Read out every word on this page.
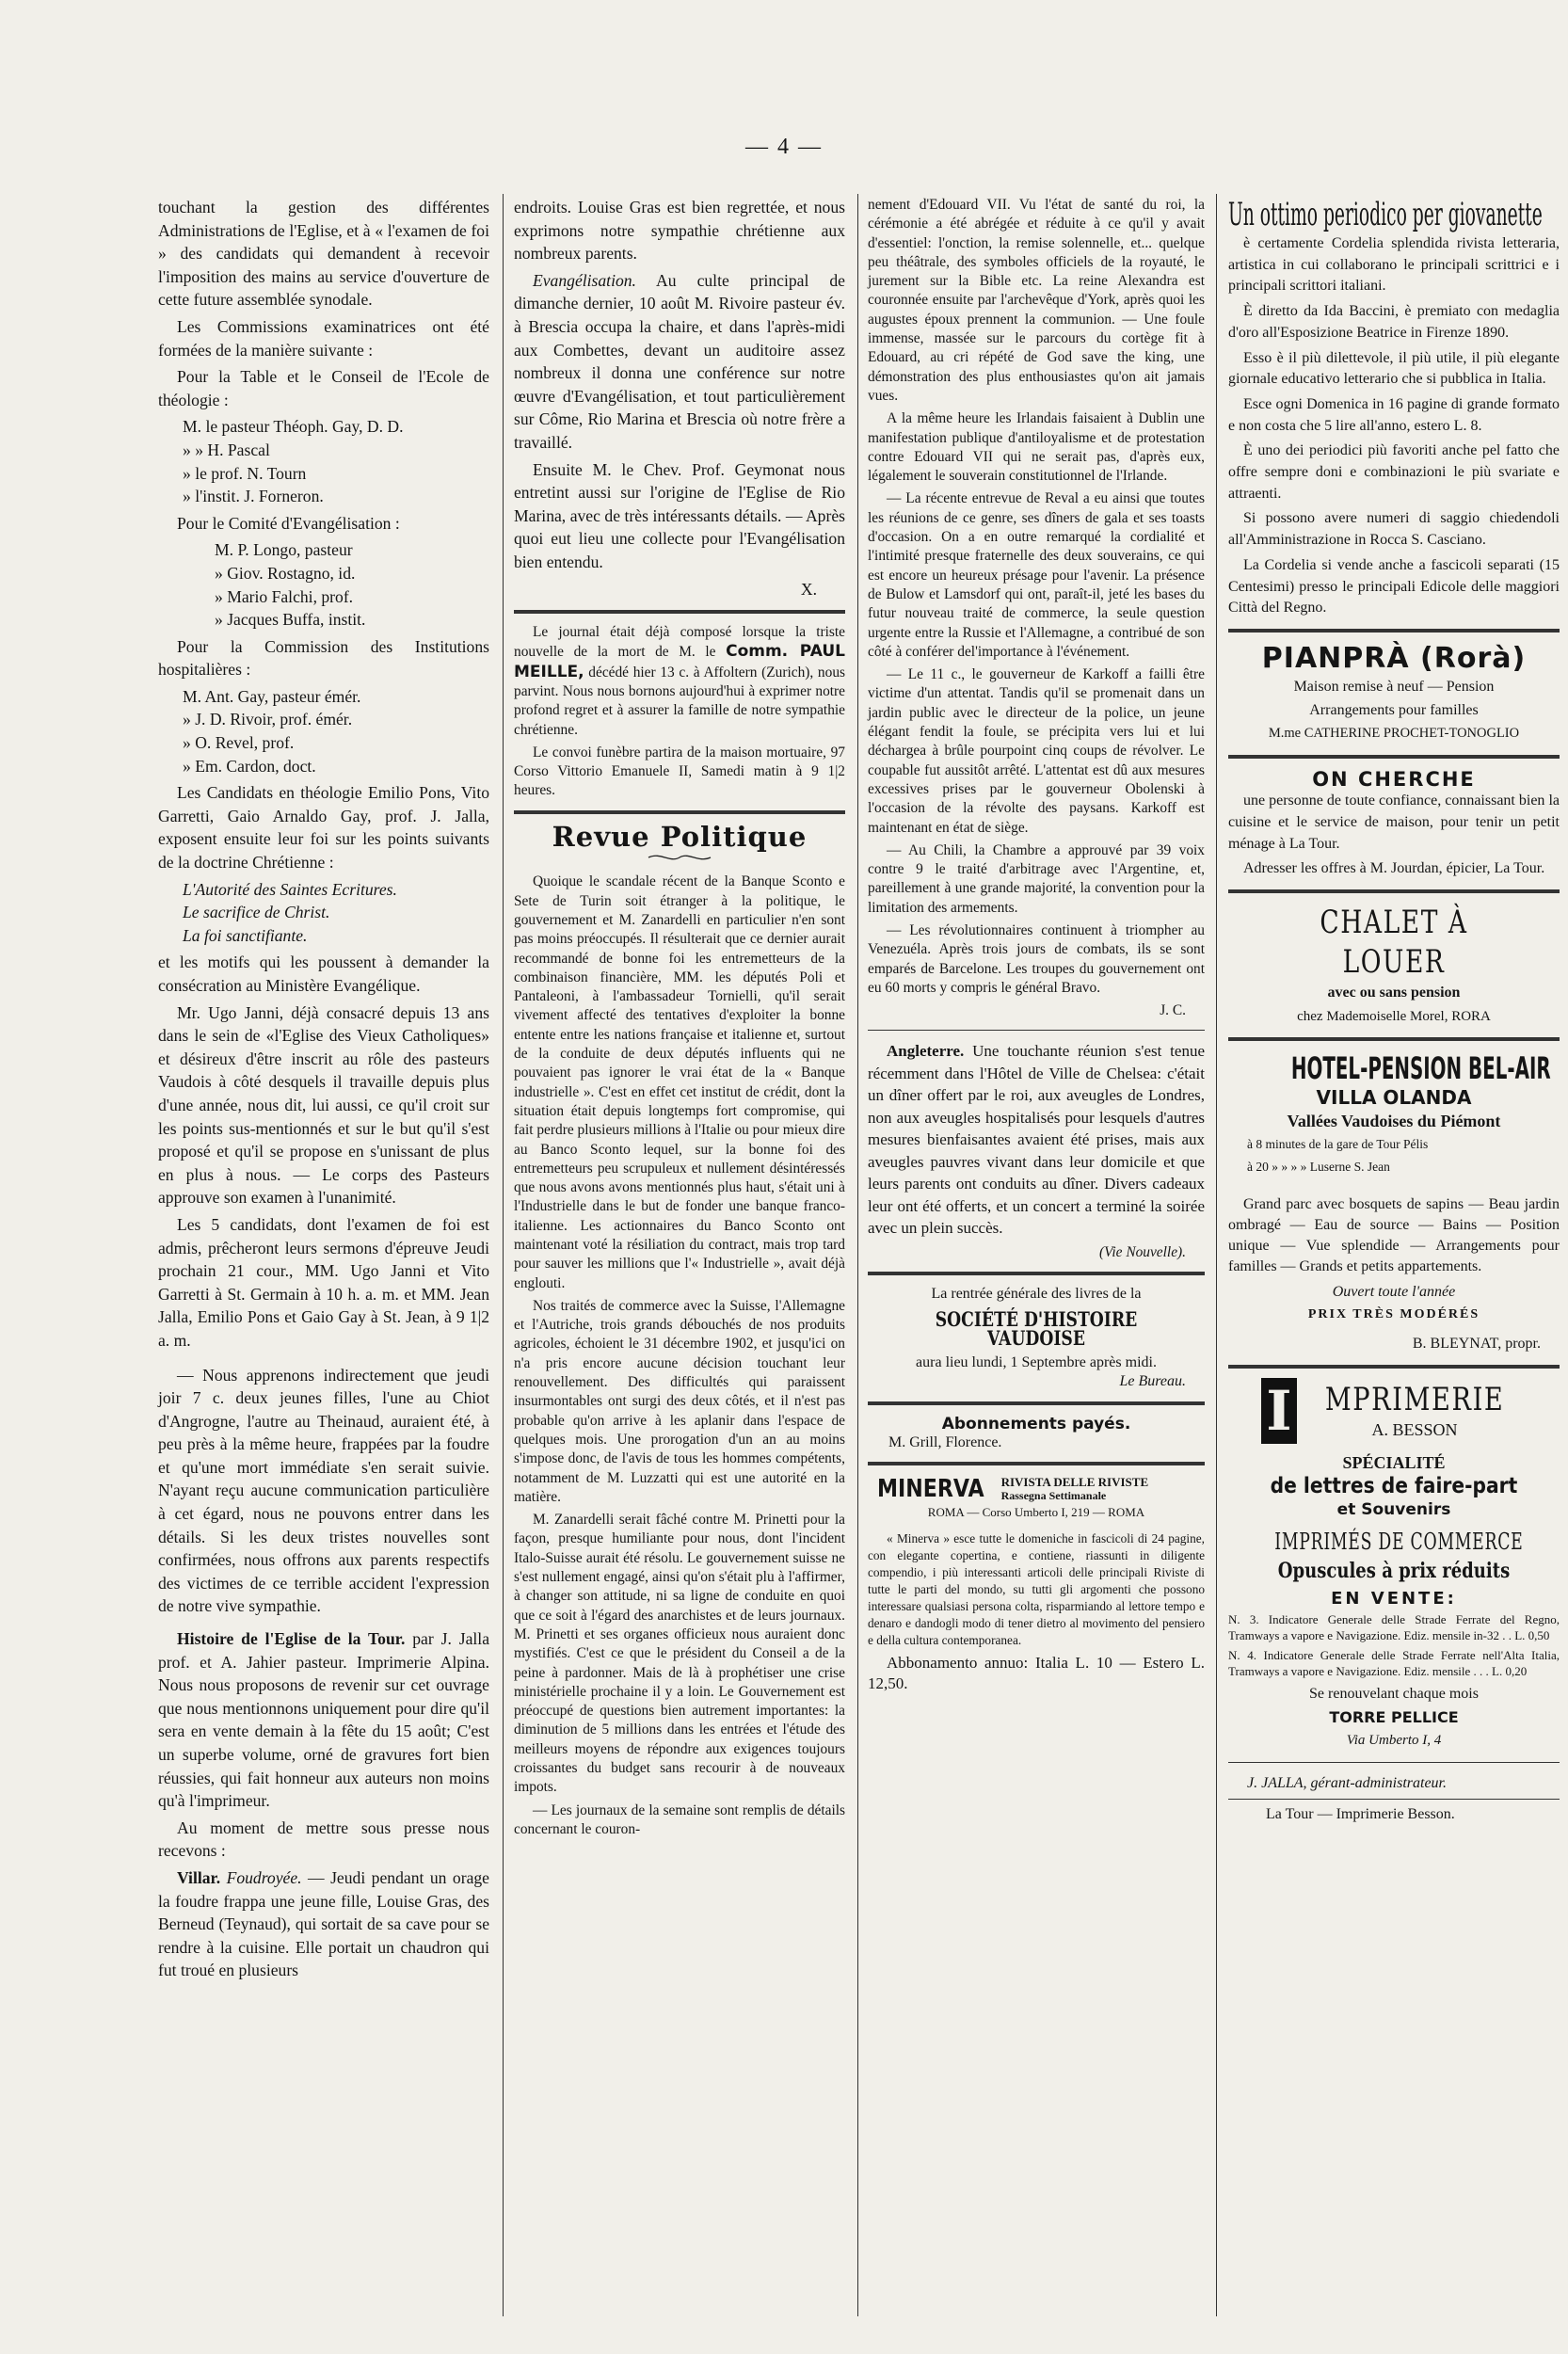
— 4 —

touchant la gestion des différentes Administrations de l'Eglise, et à « l'examen de foi » des candidats qui demandent à recevoir l'imposition des mains au service d'ouverture de cette future assemblée synodale.

Les Commissions examinatrices ont été formées de la manière suivante :

Pour la Table et le Conseil de l'Ecole de théologie :

M. le pasteur Théoph. Gay, D. D.
» » H. Pascal
» le prof. N. Tourn
» l'instit. J. Forneron.

Pour le Comité d'Evangélisation :

M. P. Longo, pasteur
» Giov. Rostagno, id.
» Mario Falchi, prof.
» Jacques Buffa, instit.

Pour la Commission des Institutions hospitalières :

M. Ant. Gay, pasteur émér.
» J. D. Rivoir, prof. émér.
» O. Revel, prof.
» Em. Cardon, doct.

Les Candidats en théologie Emilio Pons, Vito Garretti, Gaio Arnaldo Gay, prof. J. Jalla, exposent ensuite leur foi sur les points suivants de la doctrine Chrétienne :

L'Autorité des Saintes Ecritures.
Le sacrifice de Christ.
La foi sanctifiante.

et les motifs qui les poussent à demander la consécration au Ministère Evangélique.

Mr. Ugo Janni, déjà consacré depuis 13 ans dans le sein de «l'Eglise des Vieux Catholiques» et désireux d'être inscrit au rôle des pasteurs Vaudois à côté desquels il travaille depuis plus d'une année, nous dit, lui aussi, ce qu'il croit sur les points sus-mentionnés et sur le but qu'il s'est proposé et qu'il se propose en s'unissant de plus en plus à nous. — Le corps des Pasteurs approuve son examen à l'unanimité.

Les 5 candidats, dont l'examen de foi est admis, prêcheront leurs sermons d'épreuve Jeudi prochain 21 cour., MM. Ugo Janni et Vito Garretti à St. Germain à 10 h. a. m. et MM. Jean Jalla, Emilio Pons et Gaio Gay à St. Jean, à 9 1|2 a. m.

— Nous apprenons indirectement que jeudi joir 7 c. deux jeunes filles, l'une au Chiot d'Angrogne, l'autre au Theinaud, auraient été, à peu près à la même heure, frappées par la foudre et qu'une mort immédiate s'en serait suivie. N'ayant reçu aucune communication particulière à cet égard, nous ne pouvons entrer dans les détails. Si les deux tristes nouvelles sont confirmées, nous offrons aux parents respectifs des victimes de ce terrible accident l'expression de notre vive sympathie.

Histoire de l'Eglise de la Tour. par J. Jalla prof. et A. Jahier pasteur. Imprimerie Alpina. Nous nous proposons de revenir sur cet ouvrage que nous mentionnons uniquement pour dire qu'il sera en vente demain à la fête du 15 août; C'est un superbe volume, orné de gravures fort bien réussies, qui fait honneur aux auteurs non moins qu'à l'imprimeur.

Au moment de mettre sous presse nous recevons :

Villar. Foudroyée. — Jeudi pendant un orage la foudre frappa une jeune fille, Louise Gras, des Berneud (Teynaud), qui sortait de sa cave pour se rendre à la cuisine. Elle portait un chaudron qui fut troué en plusieurs

endroits. Louise Gras est bien regrettée, et nous exprimons notre sympathie chrétienne aux nombreux parents.

Evangélisation. Au culte principal de dimanche dernier, 10 août M. Rivoire pasteur év. à Brescia occupa la chaire, et dans l'après-midi aux Combettes, devant un auditoire assez nombreux il donna une conférence sur notre œuvre d'Evangélisation, et tout particulièrement sur Côme, Rio Marina et Brescia où notre frère a travaillé.

Ensuite M. le Chev. Prof. Geymonat nous entretint aussi sur l'origine de l'Eglise de Rio Marina, avec de très intéressants détails. — Après quoi eut lieu une collecte pour l'Evangélisation bien entendu.

X.

Le journal était déjà composé lorsque la triste nouvelle de la mort de M. le Comm. PAUL MEILLE, décédé hier 13 c. à Affoltern (Zurich), nous parvint. Nous nous bornons aujourd'hui à exprimer notre profond regret et à assurer la famille de notre sympathie chrétienne.

Le convoi funèbre partira de la maison mortuaire, 97 Corso Vittorio Emanuele II, Samedi matin à 9 1|2 heures.

Revue Politique

Quoique le scandale récent de la Banque Sconto e Sete de Turin soit étranger à la politique, le gouvernement et M. Zanardelli en particulier n'en sont pas moins préoccupés. Il résulterait que ce dernier aurait recommandé de bonne foi les entremetteurs de la combinaison financière, MM. les députés Poli et Pantaleoni, à l'ambassadeur Tornielli, qu'il serait vivement affecté des tentatives d'exploiter la bonne entente entre les nations française et italienne et, surtout de la conduite de deux députés influents qui ne pouvaient pas ignorer le vrai état de la « Banque industrielle ». C'est en effet cet institut de crédit, dont la situation était depuis longtemps fort compromise, qui fait perdre plusieurs millions à l'Italie ou pour mieux dire au Banco Sconto lequel, sur la bonne foi des entremetteurs peu scrupuleux et nullement désintéressés que nous avons avons mentionnés plus haut, s'était uni à l'Industrielle dans le but de fonder une banque franco-italienne. Les actionnaires du Banco Sconto ont maintenant voté la résiliation du contract, mais trop tard pour sauver les millions que l'« Industrielle », avait déjà englouti.

Nos traités de commerce avec la Suisse, l'Allemagne et l'Autriche, trois grands débouchés de nos produits agricoles, échoient le 31 décembre 1902, et jusqu'ici on n'a pris encore aucune décision touchant leur renouvellement. Des difficultés qui paraissent insurmontables ont surgi des deux côtés, et il n'est pas probable qu'on arrive à les aplanir dans l'espace de quelques mois. Une prorogation d'un an au moins s'impose donc, de l'avis de tous les hommes compétents, notamment de M. Luzzatti qui est une autorité en la matière.

M. Zanardelli serait fâché contre M. Prinetti pour la façon, presque humiliante pour nous, dont l'incident Italo-Suisse aurait été résolu. Le gouvernement suisse ne s'est nullement engagé, ainsi qu'on s'était plu à l'affirmer, à changer son attitude, ni sa ligne de conduite en quoi que ce soit à l'égard des anarchistes et de leurs journaux. M. Prinetti et ses organes officieux nous auraient donc mystifiés. C'est ce que le président du Conseil a de la peine à pardonner. Mais de là à prophétiser une crise ministérielle prochaine il y a loin. Le Gouvernement est préoccupé de questions bien autrement importantes: la diminution de 5 millions dans les entrées et l'étude des meilleurs moyens de répondre aux exigences toujours croissantes du budget sans recourir à de nouveaux impots.

— Les journaux de la semaine sont remplis de détails concernant le couron-

nement d'Edouard VII. Vu l'état de santé du roi, la cérémonie a été abrégée et réduite à ce qu'il y avait d'essentiel: l'onction, la remise solennelle, et... quelque peu théâtrale, des symboles officiels de la royauté, le jurement sur la Bible etc. La reine Alexandra est couronnée ensuite par l'archevêque d'York, après quoi les augustes époux prennent la communion. — Une foule immense, massée sur le parcours du cortège fit à Edouard, au cri répété de God save the king, une démonstration des plus enthousiastes qu'on ait jamais vues.

A la même heure les Irlandais faisaient à Dublin une manifestation publique d'antiloyalisme et de protestation contre Edouard VII qui ne serait pas, d'après eux, légalement le souverain constitutionnel de l'Irlande.

— La récente entrevue de Reval a eu ainsi que toutes les réunions de ce genre, ses dîners de gala et ses toasts d'occasion. On a en outre remarqué la cordialité et l'intimité presque fraternelle des deux souverains, ce qui est encore un heureux présage pour l'avenir. La présence de Bulow et Lamsdorf qui ont, paraît-il, jeté les bases du futur nouveau traité de commerce, la seule question urgente entre la Russie et l'Allemagne, a contribué de son côté à conférer del'importance à l'événement.

— Le 11 c., le gouverneur de Karkoff a failli être victime d'un attentat. Tandis qu'il se promenait dans un jardin public avec le directeur de la police, un jeune élégant fendit la foule, se précipita vers lui et lui déchargea à brûle pourpoint cinq coups de révolver. Le coupable fut aussitôt arrêté. L'attentat est dû aux mesures excessives prises par le gouverneur Obolenski à l'occasion de la révolte des paysans. Karkoff est maintenant en état de siège.

— Au Chili, la Chambre a approuvé par 39 voix contre 9 le traité d'arbitrage avec l'Argentine, et, pareillement à une grande majorité, la convention pour la limitation des armements.

— Les révolutionnaires continuent à triompher au Venezuéla. Après trois jours de combats, ils se sont emparés de Barcelone. Les troupes du gouvernement ont eu 60 morts y compris le général Bravo.

J. C.

Angleterre. Une touchante réunion s'est tenue récemment dans l'Hôtel de Ville de Chelsea: c'était un dîner offert par le roi, aux aveugles de Londres, non aux aveugles hospitalisés pour lesquels d'autres mesures bienfaisantes avaient été prises, mais aux aveugles pauvres vivant dans leur domicile et que leurs parents ont conduits au dîner. Divers cadeaux leur ont été offerts, et un concert a terminé la soirée avec un plein succès.

(Vie Nouvelle).
La rentrée générale des livres de la
SOCIÉTÉ D'HISTOIRE VAUDOISE
aura lieu lundi, 1 Septembre après midi.
Le Bureau.
Abonnements payés.
M. Grill, Florence.
MINERVA RIVISTA DELLE RIVISTE
Rassegna Settimanale
ROMA — Corso Umberto I, 219 — ROMA

« Minerva » esce tutte le domeniche in fascicoli di 24 pagine, con elegante copertina, e contiene, riassunti in diligente compendio, i più interessanti articoli delle principali Riviste di tutte le parti del mondo, su tutti gli argomenti che possono interessare qualsiasi persona colta, risparmiando al lettore tempo e denaro e dandogli modo di tener dietro al movimento del pensiero e della cultura contemporanea.

Abbonamento annuo: Italia L. 10 — Estero L. 12,50.

Un ottimo periodico per giovanette

è certamente Cordelia splendida rivista letteraria, artistica in cui collaborano le principali scrittrici e i principali scrittori italiani.

È diretto da Ida Baccini, è premiato con medaglia d'oro all'Esposizione Beatrice in Firenze 1890.

Esso è il più dilettevole, il più utile, il più elegante giornale educativo letterario che si pubblica in Italia.

Esce ogni Domenica in 16 pagine di grande formato e non costa che 5 lire all'anno, estero L. 8.

È uno dei periodici più favoriti anche pel fatto che offre sempre doni e combinazioni le più svariate e attraenti.

Si possono avere numeri di saggio chiedendoli all'Amministrazione in Rocca S. Casciano.

La Cordelia si vende anche a fascicoli separati (15 Centesimi) presso le principali Edicole delle maggiori Città del Regno.

PIANPRÀ (Rorà)
Maison remise à neuf — Pension
Arrangements pour familles
M.me CATHERINE PROCHET-TONOGLIO
ON CHERCHE

une personne de toute confiance, connaissant bien la cuisine et le service de maison, pour tenir un petit ménage à La Tour.

Adresser les offres à M. Jourdan, épicier, La Tour.

CHALET À LOUER
avec ou sans pension
chez Mademoiselle Morel, RORA
HOTEL-PENSION BEL-AIR
VILLA OLANDA
Vallées Vaudoises du Piémont
à 8 minutes de la gare de Tour Pélis
à 20 » » » » Luserne S. Jean

Grand parc avec bosquets de sapins — Beau jardin ombragé — Eau de source — Bains — Position unique — Vue splendide — Arrangements pour familles — Grands et petits appartements.

Ouvert toute l'année
PRIX TRÈS MODÉRÉS
B. BLEYNAT, propr.
I MPRIMERIE
A. BESSON
SPÉCIALITÉ
de lettres de faire-part
et Souvenirs
IMPRIMÉS DE COMMERCE
Opuscules à prix réduits
EN VENTE:

N. 3. Indicatore Generale delle Strade Ferrate del Regno, Tramways a vapore e Navigazione. Ediz. mensile in-32 . . L. 0,50

N. 4. Indicatore Generale delle Strade Ferrate nell'Alta Italia, Tramways a vapore e Navigazione. Ediz. mensile . . . L. 0,20

Se renouvelant chaque mois
TORRE PELLICE
Via Umberto I, 4
J. JALLA, gérant-administrateur.
La Tour — Imprimerie Besson.
